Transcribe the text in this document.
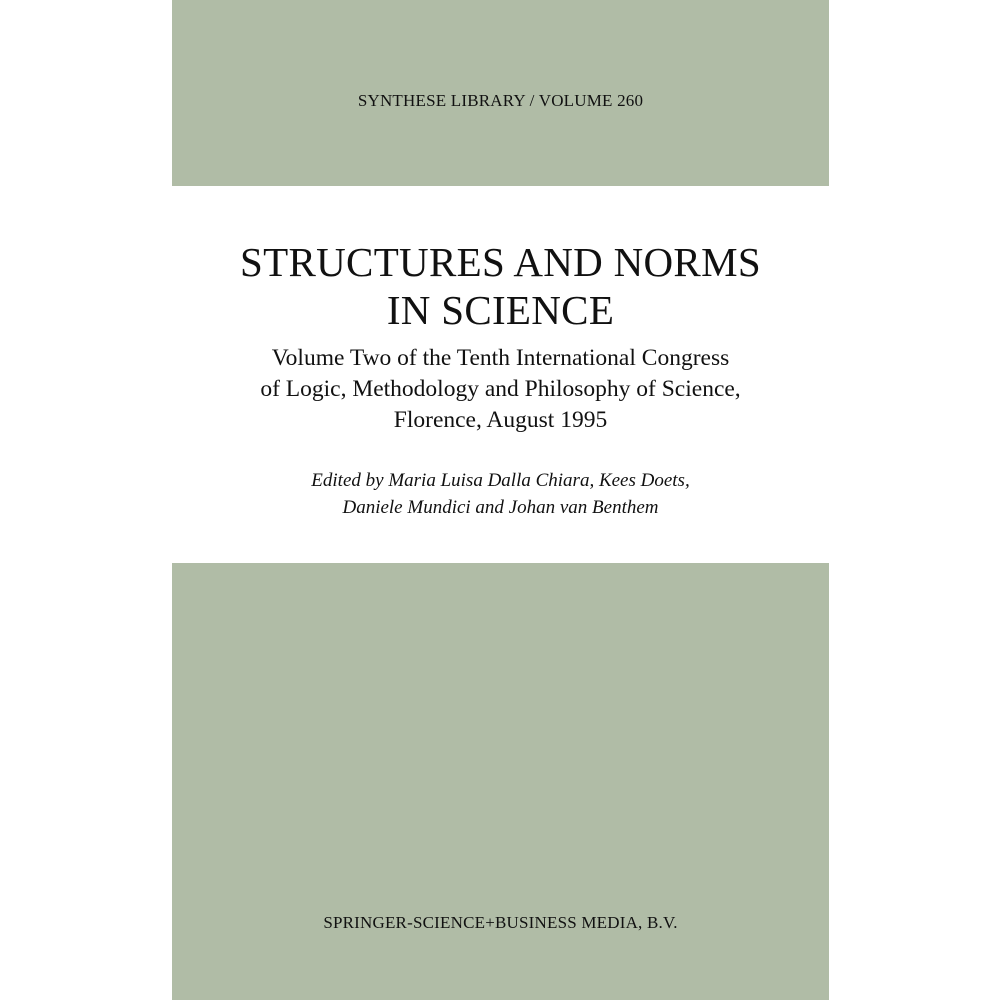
SYNTHESE LIBRARY / VOLUME 260
STRUCTURES AND NORMS
IN SCIENCE
Volume Two of the Tenth International Congress
of Logic, Methodology and Philosophy of Science,
Florence, August 1995
Edited by Maria Luisa Dalla Chiara, Kees Doets,
Daniele Mundici and Johan van Benthem
SPRINGER-SCIENCE+BUSINESS MEDIA, B.V.
